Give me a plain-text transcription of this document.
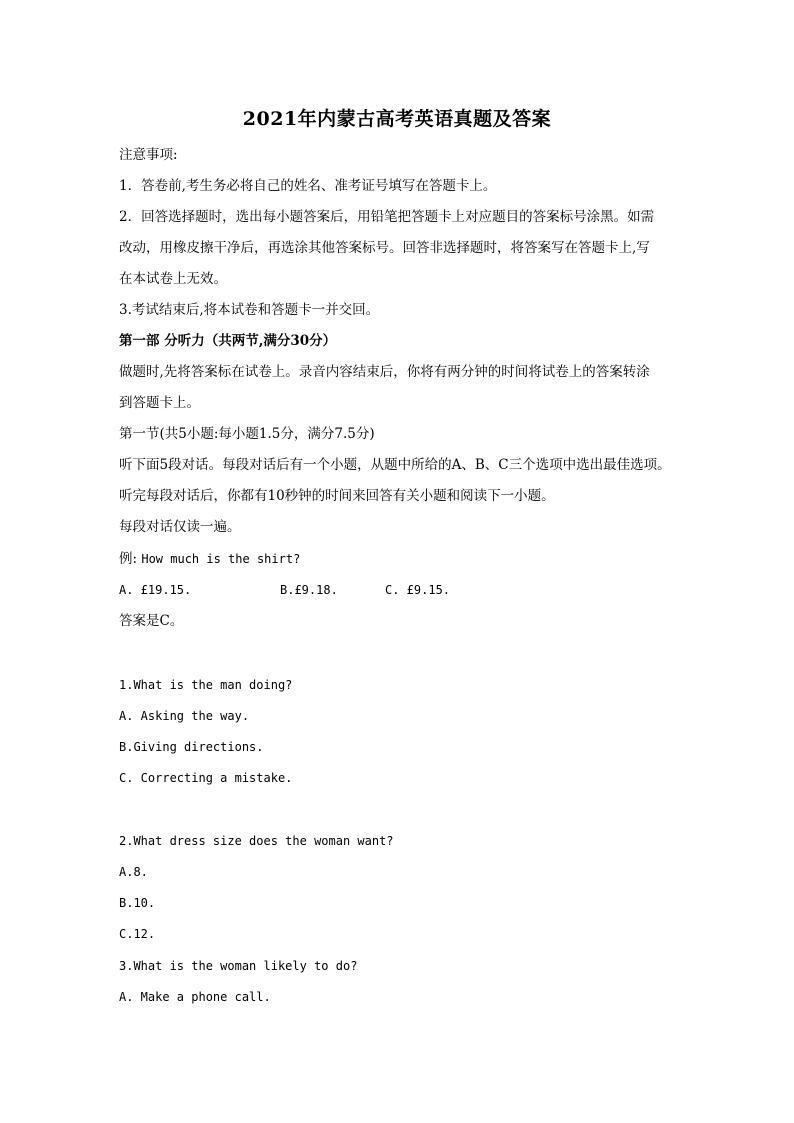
2021年内蒙古高考英语真题及答案
注意事项:
1．答卷前,考生务必将自己的姓名、准考证号填写在答题卡上。
2．回答选择题时，选出每小题答案后，用铅笔把答题卡上对应题目的答案标号涂黑。如需
改动，用橡皮擦干净后，再选涂其他答案标号。回答非选择题时，将答案写在答题卡上,写
在本试卷上无效。
3.考试结束后,将本试卷和答题卡一并交回。
第一部 分听力（共两节,满分30分）
做题时,先将答案标在试卷上。录音内容结束后，你将有两分钟的时间将试卷上的答案转涂
到答题卡上。
第一节(共5小题:每小题1.5分，满分7.5分)
听下面5段对话。每段对话后有一个小题，从题中所给的A、B、C三个选项中选出最佳选项。
听完每段对话后，你都有10秒钟的时间来回答有关小题和阅读下一小题。
每段对话仅读一遍。
例: How much is the shirt?
A. £19.15.	B.£9.18.	C. £9.15.
答案是C。
1.What is the man doing?
A. Asking the way.
B.Giving directions.
C. Correcting a mistake.
2.What dress size does the woman want?
A.8.
B.10.
C.12.
3.What is the woman likely to do?
A. Make a phone call.
